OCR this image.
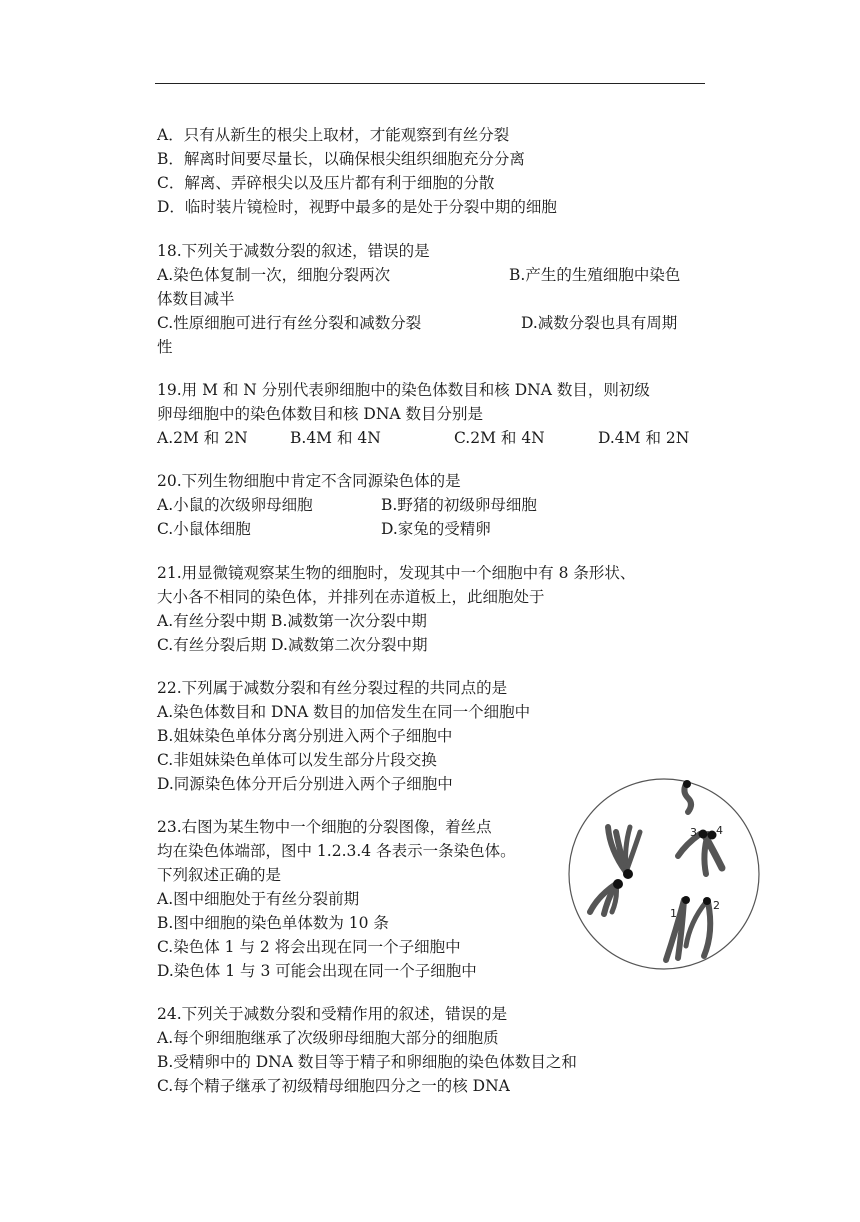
A．只有从新生的根尖上取材，才能观察到有丝分裂
B．解离时间要尽量长，以确保根尖组织细胞充分分离
C．解离、弄碎根尖以及压片都有利于细胞的分散
D．临时装片镜检时，视野中最多的是处于分裂中期的细胞
18.下列关于减数分裂的叙述，错误的是
A.染色体复制一次，细胞分裂两次	B.产生的生殖细胞中染色
体数目减半
C.性原细胞可进行有丝分裂和减数分裂	D.减数分裂也具有周期
性
19.用 M 和 N 分别代表卵细胞中的染色体数目和核 DNA 数目，则初级
卵母细胞中的染色体数目和核 DNA 数目分别是
A.2M 和 2N	B.4M 和 4N	C.2M 和 4N	D.4M 和 2N
20.下列生物细胞中肯定不含同源染色体的是
A.小鼠的次级卵母细胞	B.野猪的初级卵母细胞
C.小鼠体细胞	D.家兔的受精卵
21.用显微镜观察某生物的细胞时，发现其中一个细胞中有 8 条形状、
大小各不相同的染色体，并排列在赤道板上，此细胞处于
A.有丝分裂中期 B.减数第一次分裂中期
C.有丝分裂后期 D.减数第二次分裂中期
22.下列属于减数分裂和有丝分裂过程的共同点的是
A.染色体数目和 DNA 数目的加倍发生在同一个细胞中
B.姐妹染色单体分离分别进入两个子细胞中
C.非姐妹染色单体可以发生部分片段交换
D.同源染色体分开后分别进入两个子细胞中
23.右图为某生物中一个细胞的分裂图像，着丝点
均在染色体端部，图中 1.2.3.4 各表示一条染色体。
下列叙述正确的是
A.图中细胞处于有丝分裂前期
B.图中细胞的染色单体数为 10 条
C.染色体 1 与 2 将会出现在同一个子细胞中
D.染色体 1 与 3 可能会出现在同一个子细胞中
3 4
1
2
24.下列关于减数分裂和受精作用的叙述，错误的是
A.每个卵细胞继承了次级卵母细胞大部分的细胞质
B.受精卵中的 DNA 数目等于精子和卵细胞的染色体数目之和
C.每个精子继承了初级精母细胞四分之一的核 DNA
